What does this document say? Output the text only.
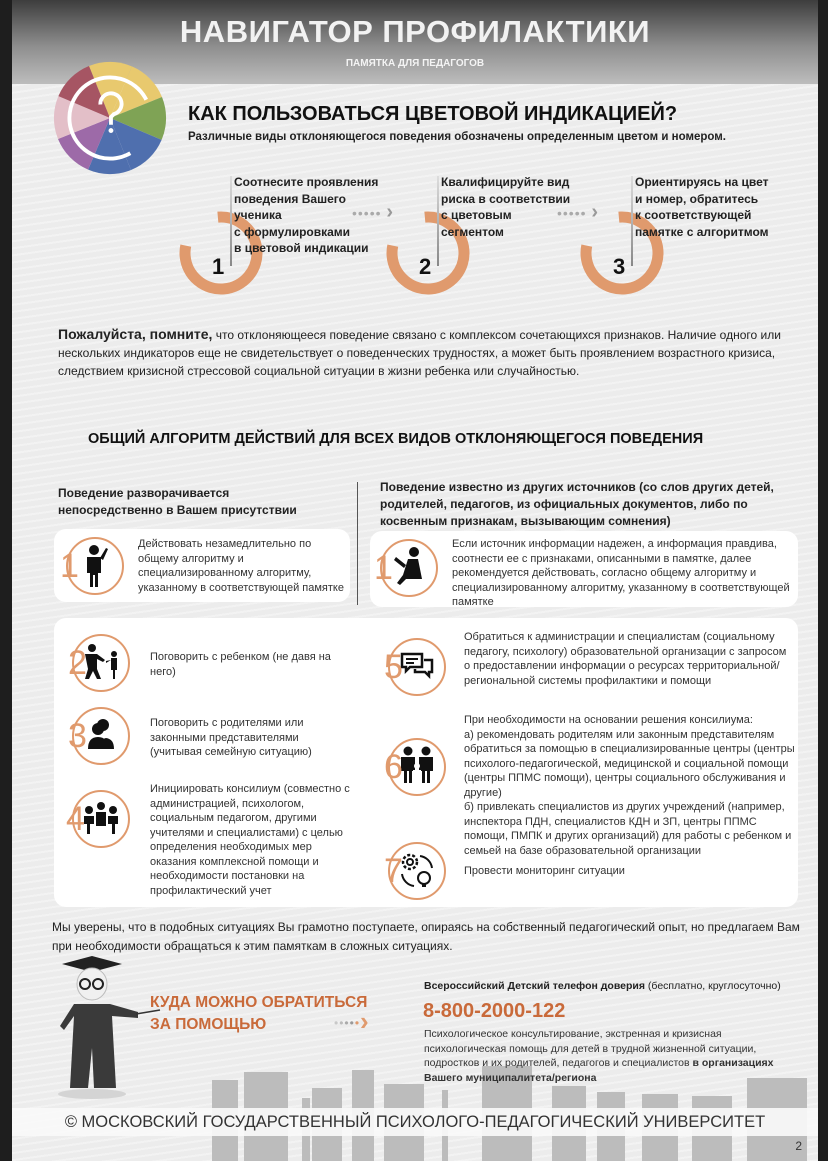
НАВИГАТОР ПРОФИЛАКТИКИ
ПАМЯТКА ДЛЯ ПЕДАГОГОВ
КАК ПОЛЬЗОВАТЬСЯ ЦВЕТОВОЙ ИНДИКАЦИЕЙ?
Различные виды отклоняющегося поведения обозначены определенным цветом и номером.
1
Соотнесите проявления
поведения Вашего
ученика
с формулировками
в цветовой индикации
••••• ›
2
Квалифицируйте вид
риска в соответствии
с цветовым
сегментом
••••• ›
3
Ориентируясь на цвет
и номер, обратитесь
к соответствующей
памятке с алгоритмом
Пожалуйста, помните, что отклоняющееся поведение связано с комплексом сочетающихся признаков. Наличие одного или нескольких индикаторов еще не свидетельствует о поведенческих трудностях, а может быть проявлением возрастного кризиса, следствием кризисной стрессовой социальной ситуации в жизни ребенка или случайностью.
ОБЩИЙ АЛГОРИТМ ДЕЙСТВИЙ ДЛЯ ВСЕХ ВИДОВ ОТКЛОНЯЮЩЕГОСЯ ПОВЕДЕНИЯ
Поведение разворачивается непосредственно в Вашем присутствии
Поведение известно из других источников (со слов других детей, родителей, педагогов, из официальных документов, либо по косвенным признакам, вызывающим сомнения)
1
Действовать незамедлительно по общему алгоритму и специализированному алгоритму, указанному в соответствующей памятке
1
Если источник информации надежен, а информация правдива, соотнести ее с признаками, описанными в памятке, далее рекомендуется действовать, согласно общему алгоритму и специализированному алгоритму, указанному в соответствующей памятке
2	Поговорить с ребенком (не давя на него)
3	Поговорить с родителями или законными представителями (учитывая семейную ситуацию)
4
Инициировать консилиум (совместно с администрацией, психологом, социальным педагогом, другими учителями и специалистами) с целью определения необходимых мер оказания комплексной помощи и необходимости постановки на профилактический учет
5
Обратиться к администрации и специалистам (социальному педагогу, психологу) образовательной организации с запросом о предоставлении информации о ресурсах территориальной/региональной системы профилактики и помощи
6
При необходимости на основании решения консилиума:
а) рекомендовать родителям или законным представителям обратиться за помощью в специализированные центры (центры психолого-педагогической, медицинской и социальной помощи (центры ППМС помощи), центры социального обслуживания и другие)
б) привлекать специалистов из других учреждений (например, инспектора ПДН, специалистов КДН и ЗП, центры ППМС помощи, ПМПК и других организаций) для работы с ребенком и семьей на базе образовательной организации
7	Провести мониторинг ситуации
Мы уверены, что в подобных ситуациях Вы грамотно поступаете, опираясь на собственный педагогический опыт, но предлагаем Вам при необходимости обращаться к этим памяткам в сложных ситуациях.
КУДА МОЖНО ОБРАТИТЬСЯ
ЗА ПОМОЩЬЮ	•••••›
Всероссийский Детский телефон доверия (бесплатно, круглосуточно)
8-800-2000-122
Психологическое консультирование, экстренная и кризисная психологическая помощь для детей в трудной жизненной ситуации, подростков и их родителей, педагогов и специалистов в организациях Вашего муниципалитета/региона
© МОСКОВСКИЙ ГОСУДАРСТВЕННЫЙ ПСИХОЛОГО-ПЕДАГОГИЧЕСКИЙ УНИВЕРСИТЕТ
2
